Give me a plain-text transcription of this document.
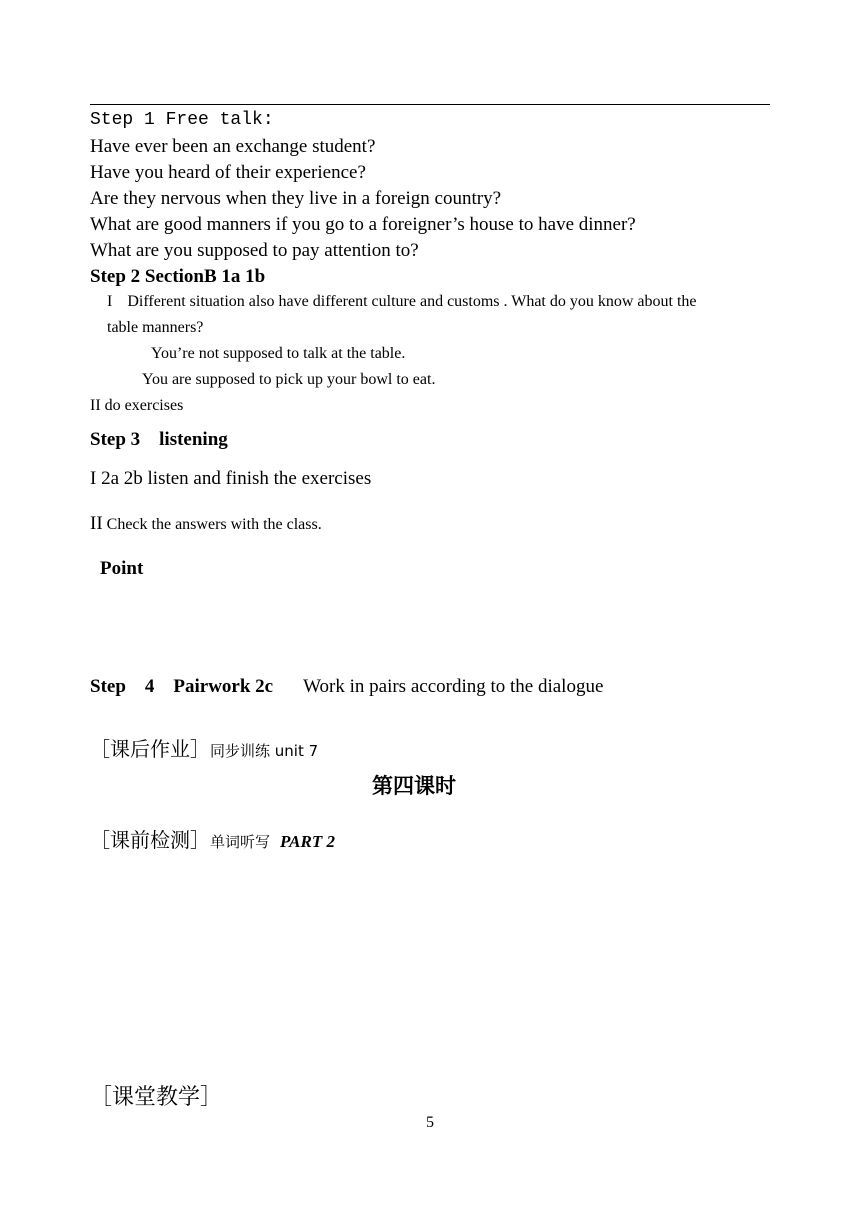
Step 1 Free talk:
Have ever been an exchange student?
Have you heard of their experience?
Are they nervous when they live in a foreign country?
What are good manners if you go to a foreigner’s house to have dinner?
What are you supposed to pay attention to?
Step 2 SectionB 1a 1b
I Different situation also have different culture and customs . What do you know about the
table manners?
You’re not supposed to talk at the table.
You are supposed to pick up your bowl to eat.
II do exercises
Step 3    listening
I 2a 2b listen and finish the exercises
II Check the answers with the class.
Point
Step    4    Pairwork 2c Work in pairs according to the dialogue
［课后作业］同步训练 unit 7
第四课时
［课前检测］单词听写 PART 2
［课堂教学］
5
